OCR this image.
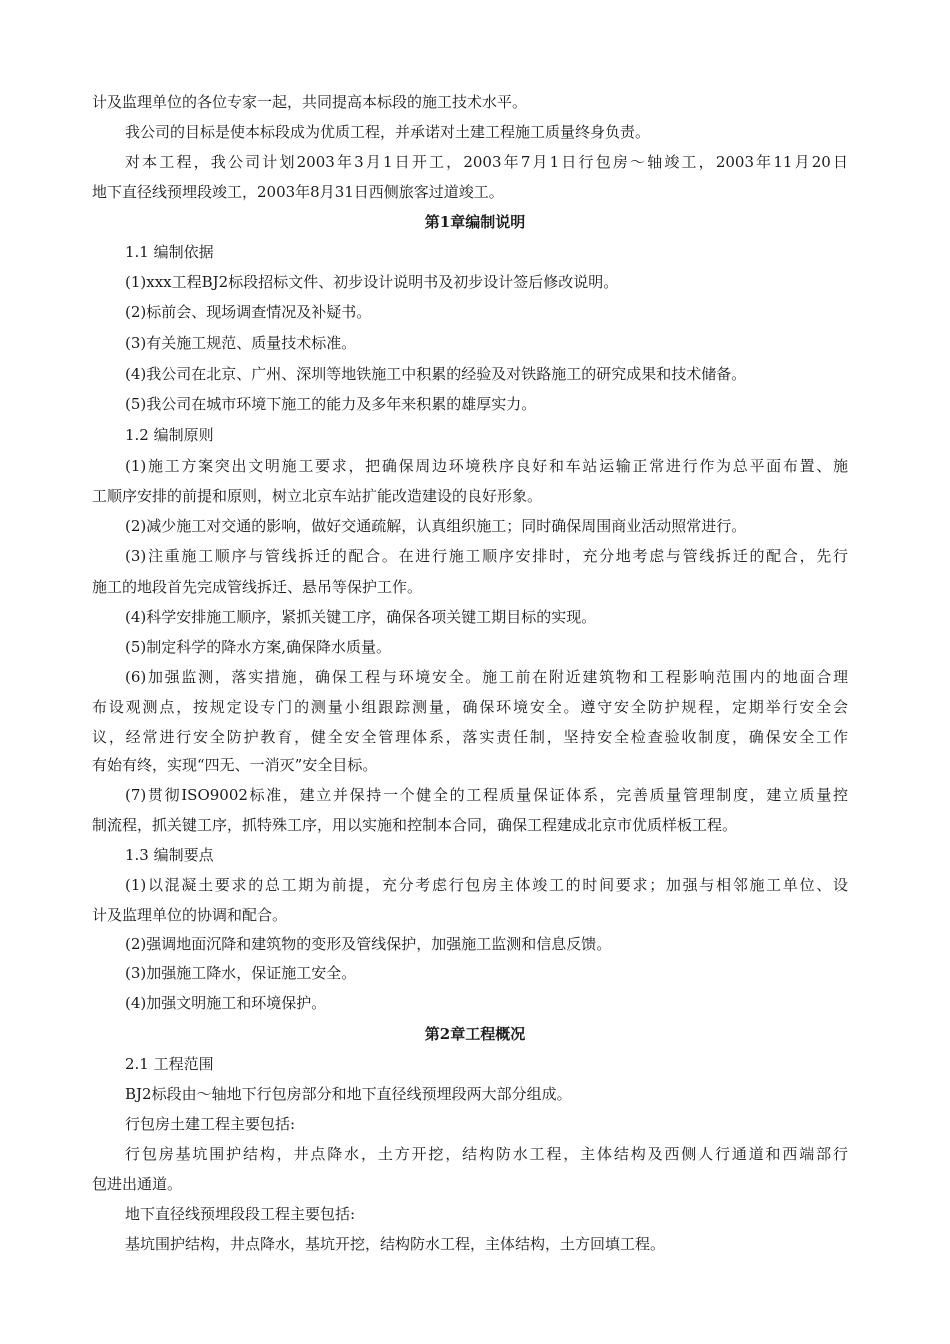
计及监理单位的各位专家一起，共同提高本标段的施工技术水平。
我公司的目标是使本标段成为优质工程，并承诺对土建工程施工质量终身负责。
对本工程，我公司计划2003年3月1日开工，2003年7月1日行包房～轴竣工，2003年11月20日
地下直径线预埋段竣工，2003年8月31日西侧旅客过道竣工。
第1章编制说明
1.1 编制依据
(1)xxx工程BJ2标段招标文件、初步设计说明书及初步设计签后修改说明。
(2)标前会、现场调查情况及补疑书。
(3)有关施工规范、质量技术标准。
(4)我公司在北京、广州、深圳等地铁施工中积累的经验及对铁路施工的研究成果和技术储备。
(5)我公司在城市环境下施工的能力及多年来积累的雄厚实力。
1.2 编制原则
(1)施工方案突出文明施工要求，把确保周边环境秩序良好和车站运输正常进行作为总平面布置、施
工顺序安排的前提和原则，树立北京车站扩能改造建设的良好形象。
(2)减少施工对交通的影响，做好交通疏解，认真组织施工；同时确保周围商业活动照常进行。
(3)注重施工顺序与管线拆迁的配合。在进行施工顺序安排时，充分地考虑与管线拆迁的配合，先行
施工的地段首先完成管线拆迁、悬吊等保护工作。
(4)科学安排施工顺序，紧抓关键工序，确保各项关键工期目标的实现。
(5)制定科学的降水方案,确保降水质量。
(6)加强监测，落实措施，确保工程与环境安全。施工前在附近建筑物和工程影响范围内的地面合理
布设观测点，按规定设专门的测量小组跟踪测量，确保环境安全。遵守安全防护规程，定期举行安全会
议，经常进行安全防护教育，健全安全管理体系，落实责任制，坚持安全检查验收制度，确保安全工作
有始有终，实现“四无、一消灭”安全目标。
(7)贯彻ISO9002标准，建立并保持一个健全的工程质量保证体系，完善质量管理制度，建立质量控
制流程，抓关键工序，抓特殊工序，用以实施和控制本合同，确保工程建成北京市优质样板工程。
1.3 编制要点
(1)以混凝土要求的总工期为前提，充分考虑行包房主体竣工的时间要求；加强与相邻施工单位、设
计及监理单位的协调和配合。
(2)强调地面沉降和建筑物的变形及管线保护，加强施工监测和信息反馈。
(3)加强施工降水，保证施工安全。
(4)加强文明施工和环境保护。
第2章工程概况
2.1 工程范围
BJ2标段由～轴地下行包房部分和地下直径线预埋段两大部分组成。
行包房土建工程主要包括:
行包房基坑围护结构，井点降水，土方开挖，结构防水工程，主体结构及西侧人行通道和西端部行
包进出通道。
地下直径线预埋段段工程主要包括:
基坑围护结构，井点降水，基坑开挖，结构防水工程，主体结构，土方回填工程。
